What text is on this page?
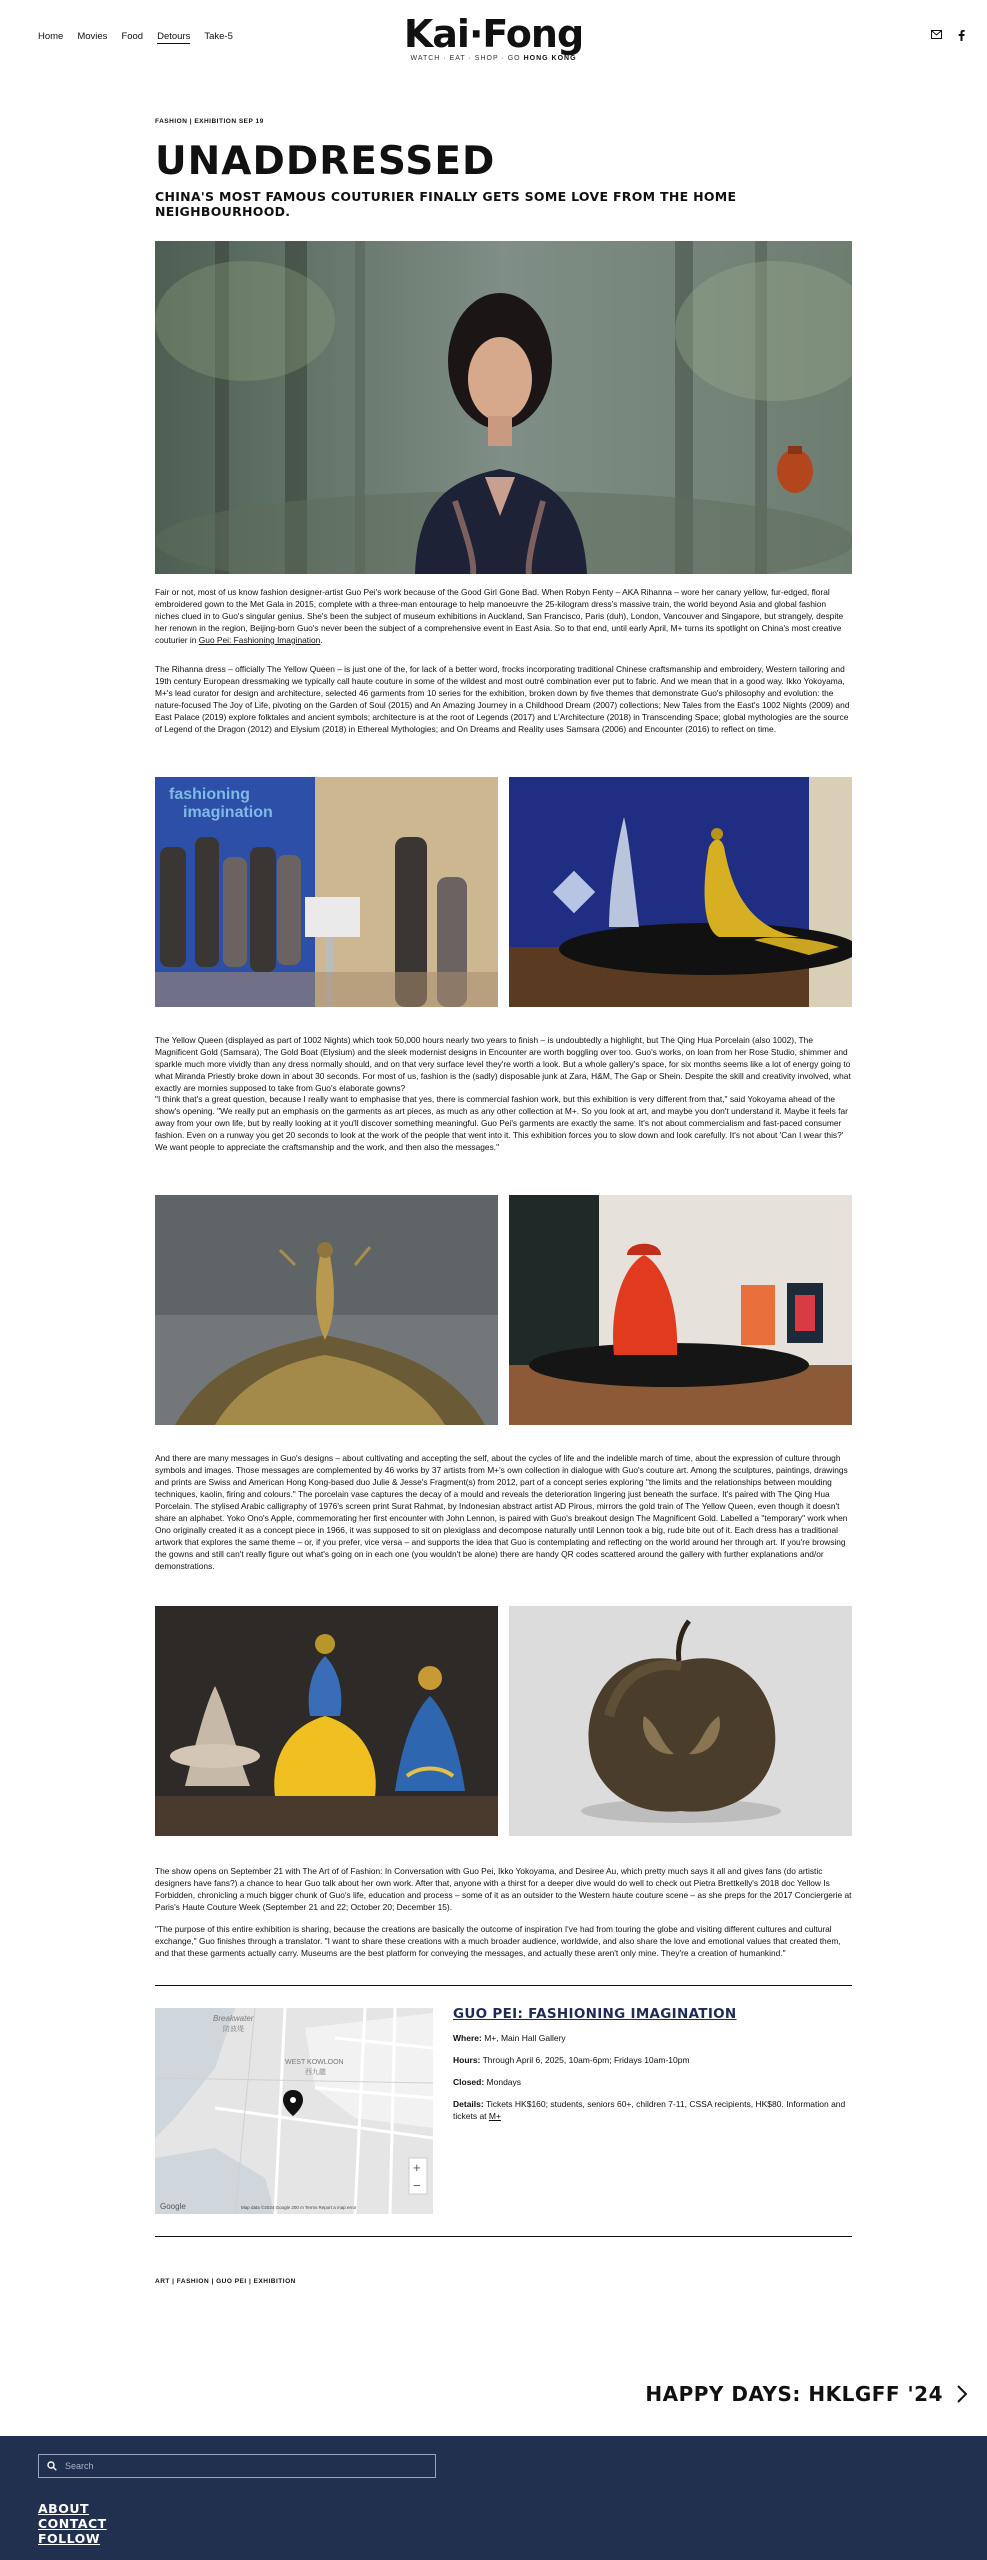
Home Movies Food Detours Take-5	Kai·Fong
WATCH · EAT · SHOP · GO HONG KONG
FASHION | EXHIBITION SEP 19
UNADDRESSED
CHINA'S MOST FAMOUS COUTURIER FINALLY GETS SOME LOVE FROM THE HOME NEIGHBOURHOOD.

Fair or not, most of us know fashion designer-artist Guo Pei's work because of the Good Girl Gone Bad. When Robyn Fenty – AKA Rihanna – wore her canary yellow, fur-edged, floral embroidered gown to the Met Gala in 2015, complete with a three-man entourage to help manoeuvre the 25-kilogram dress's massive train, the world beyond Asia and global fashion niches clued in to Guo's singular genius. She's been the subject of museum exhibitions in Auckland, San Francisco, Paris (duh), London, Vancouver and Singapore, but strangely, despite her renown in the region, Beijing-born Guo's never been the subject of a comprehensive event in East Asia. So to that end, until early April, M+ turns its spotlight on China's most creative couturier in Guo Pei: Fashioning Imagination.

The Rihanna dress – officially The Yellow Queen – is just one of the, for lack of a better word, frocks incorporating traditional Chinese craftsmanship and embroidery, Western tailoring and 19th century European dressmaking we typically call haute couture in some of the wildest and most outré combination ever put to fabric. And we mean that in a good way. Ikko Yokoyama, M+'s lead curator for design and architecture, selected 46 garments from 10 series for the exhibition, broken down by five themes that demonstrate Guo's philosophy and evolution: the nature-focused The Joy of Life, pivoting on the Garden of Soul (2015) and An Amazing Journey in a Childhood Dream (2007) collections; New Tales from the East's 1002 Nights (2009) and East Palace (2019) explore folktales and ancient symbols; architecture is at the root of Legends (2017) and L'Architecture (2018) in Transcending Space; global mythologies are the source of Legend of the Dragon (2012) and Elysium (2018) in Ethereal Mythologies; and On Dreams and Reality uses Samsara (2006) and Encounter (2016) to reflect on time.

fashioning
imagination

The Yellow Queen (displayed as part of 1002 Nights) which took 50,000 hours nearly two years to finish – is undoubtedly a highlight, but The Qing Hua Porcelain (also 1002), The Magnificent Gold (Samsara), The Gold Boat (Elysium) and the sleek modernist designs in Encounter are worth boggling over too. Guo's works, on loan from her Rose Studio, shimmer and sparkle much more vividly than any dress normally should, and on that very surface level they're worth a look. But a whole gallery's space, for six months seems like a lot of energy going to what Miranda Priestly broke down in about 30 seconds. For most of us, fashion is the (sadly) disposable junk at Zara, H&M, The Gap or Shein. Despite the skill and creativity involved, what exactly are mornies supposed to take from Guo's elaborate gowns?

"I think that's a great question, because I really want to emphasise that yes, there is commercial fashion work, but this exhibition is very different from that," said Yokoyama ahead of the show's opening. "We really put an emphasis on the garments as art pieces, as much as any other collection at M+. So you look at art, and maybe you don't understand it. Maybe it feels far away from your own life, but by really looking at it you'll discover something meaningful. Guo Pei's garments are exactly the same. It's not about commercialism and fast-paced consumer fashion. Even on a runway you get 20 seconds to look at the work of the people that went into it. This exhibition forces you to slow down and look carefully. It's not about 'Can I wear this?' We want people to appreciate the craftsmanship and the work, and then also the messages."

And there are many messages in Guo's designs – about cultivating and accepting the self, about the cycles of life and the indelible march of time, about the expression of culture through symbols and images. Those messages are complemented by 46 works by 37 artists from M+'s own collection in dialogue with Guo's couture art. Among the sculptures, paintings, drawings and prints are Swiss and American Hong Kong-based duo Julie & Jesse's Fragment(s) from 2012, part of a concept series exploring "the limits and the relationships between moulding techniques, kaolin, firing and colours." The porcelain vase captures the decay of a mould and reveals the deterioration lingering just beneath the surface. It's paired with The Qing Hua Porcelain. The stylised Arabic calligraphy of 1976's screen print Surat Rahmat, by Indonesian abstract artist AD Pirous, mirrors the gold train of The Yellow Queen, even though it doesn't share an alphabet. Yoko Ono's Apple, commemorating her first encounter with John Lennon, is paired with Guo's breakout design The Magnificent Gold. Labelled a "temporary" work when Ono originally created it as a concept piece in 1966, it was supposed to sit on plexiglass and decompose naturally until Lennon took a big, rude bite out of it. Each dress has a traditional artwork that explores the same theme – or, if you prefer, vice versa – and supports the idea that Guo is contemplating and reflecting on the world around her through art. If you're browsing the gowns and still can't really figure out what's going on in each one (you wouldn't be alone) there are handy QR codes scattered around the gallery with further explanations and/or demonstrations.

The show opens on September 21 with The Art of of Fashion: In Conversation with Guo Pei, Ikko Yokoyama, and Desiree Au, which pretty much says it all and gives fans (do artistic designers have fans?) a chance to hear Guo talk about her own work. After that, anyone with a thirst for a deeper dive would do well to check out Pietra Brettkelly's 2018 doc Yellow Is Forbidden, chronicling a much bigger chunk of Guo's life, education and process – some of it as an outsider to the Western haute couture scene – as she preps for the 2017 Conciergerie at Paris's Haute Couture Week (September 21 and 22; October 20; December 15).

"The purpose of this entire exhibition is sharing, because the creations are basically the outcome of inspiration I've had from touring the globe and visiting different cultures and cultural exchange," Guo finishes through a translator. "I want to share these creations with a much broader audience, worldwide, and also share the love and emotional values that created them, and that these garments actually carry. Museums are the best platform for conveying the messages, and actually these aren't only mine. They're a creation of humankind."

Breakwater
防波堤
WEST KOWLOON
西九龍
+
−
Google	Map data ©2024 Google 200 m Terms Report a map error
GUO PEI: FASHIONING IMAGINATION

Where: M+, Main Hall Gallery

Hours: Through April 6, 2025, 10am-6pm; Fridays 10am-10pm

Closed: Mondays

Details: Tickets HK$160; students, seniors 60+, children 7-11, CSSA recipients, HK$80. Information and tickets at M+

ART | FASHION | GUO PEI | EXHIBITION
HAPPY DAYS: HKLGFF '24
Search
ABOUT
CONTACT
FOLLOW
